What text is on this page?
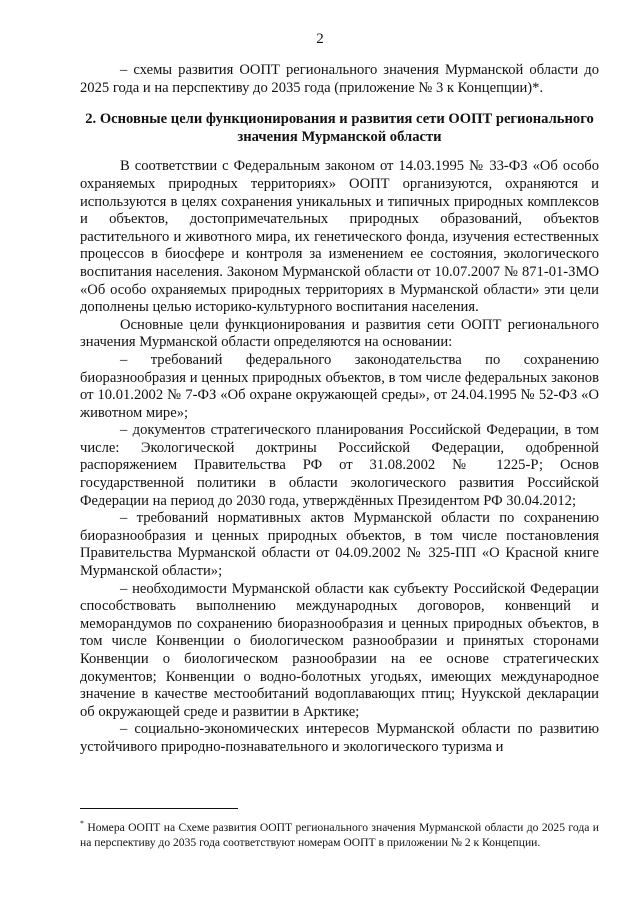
2

– схемы развития ООПТ регионального значения Мурманской области до 2025 года и на перспективу до 2035 года (приложение № 3 к Концепции)*.

2. Основные цели функционирования и развития сети ООПТ регионального значения Мурманской области

В соответствии с Федеральным законом от 14.03.1995 № 33-ФЗ «Об особо охраняемых природных территориях» ООПТ организуются, охраняются и используются в целях сохранения уникальных и типичных природных комплексов и объектов, достопримечательных природных образований, объектов растительного и животного мира, их генетического фонда, изучения естественных процессов в биосфере и контроля за изменением ее состояния, экологического воспитания населения. Законом Мурманской области от 10.07.2007 № 871-01-ЗМО «Об особо охраняемых природных территориях в Мурманской области» эти цели дополнены целью историко-культурного воспитания населения.

Основные цели функционирования и развития сети ООПТ регионального значения Мурманской области определяются на основании:

– требований федерального законодательства по сохранению биоразнообразия и ценных природных объектов, в том числе федеральных законов от 10.01.2002 № 7-ФЗ «Об охране окружающей среды», от 24.04.1995 № 52-ФЗ «О животном мире»;

– документов стратегического планирования Российской Федерации, в том числе: Экологической доктрины Российской Федерации, одобренной распоряжением Правительства РФ от 31.08.2002 № 1225-Р; Основ государственной политики в области экологического развития Российской Федерации на период до 2030 года, утверждённых Президентом РФ 30.04.2012;

– требований нормативных актов Мурманской области по сохранению биоразнообразия и ценных природных объектов, в том числе постановления Правительства Мурманской области от 04.09.2002 № 325-ПП «О Красной книге Мурманской области»;

– необходимости Мурманской области как субъекту Российской Федерации способствовать выполнению международных договоров, конвенций и меморандумов по сохранению биоразнообразия и ценных природных объектов, в том числе Конвенции о биологическом разнообразии и принятых сторонами Конвенции о биологическом разнообразии на ее основе стратегических документов; Конвенции о водно-болотных угодьях, имеющих международное значение в качестве местообитаний водоплавающих птиц; Нуукской декларации об окружающей среде и развитии в Арктике;

– социально-экономических интересов Мурманской области по развитию устойчивого природно-познавательного и экологического туризма и

* Номера ООПТ на Схеме развития ООПТ регионального значения Мурманской области до 2025 года и на перспективу до 2035 года соответствуют номерам ООПТ в приложении № 2 к Концепции.
